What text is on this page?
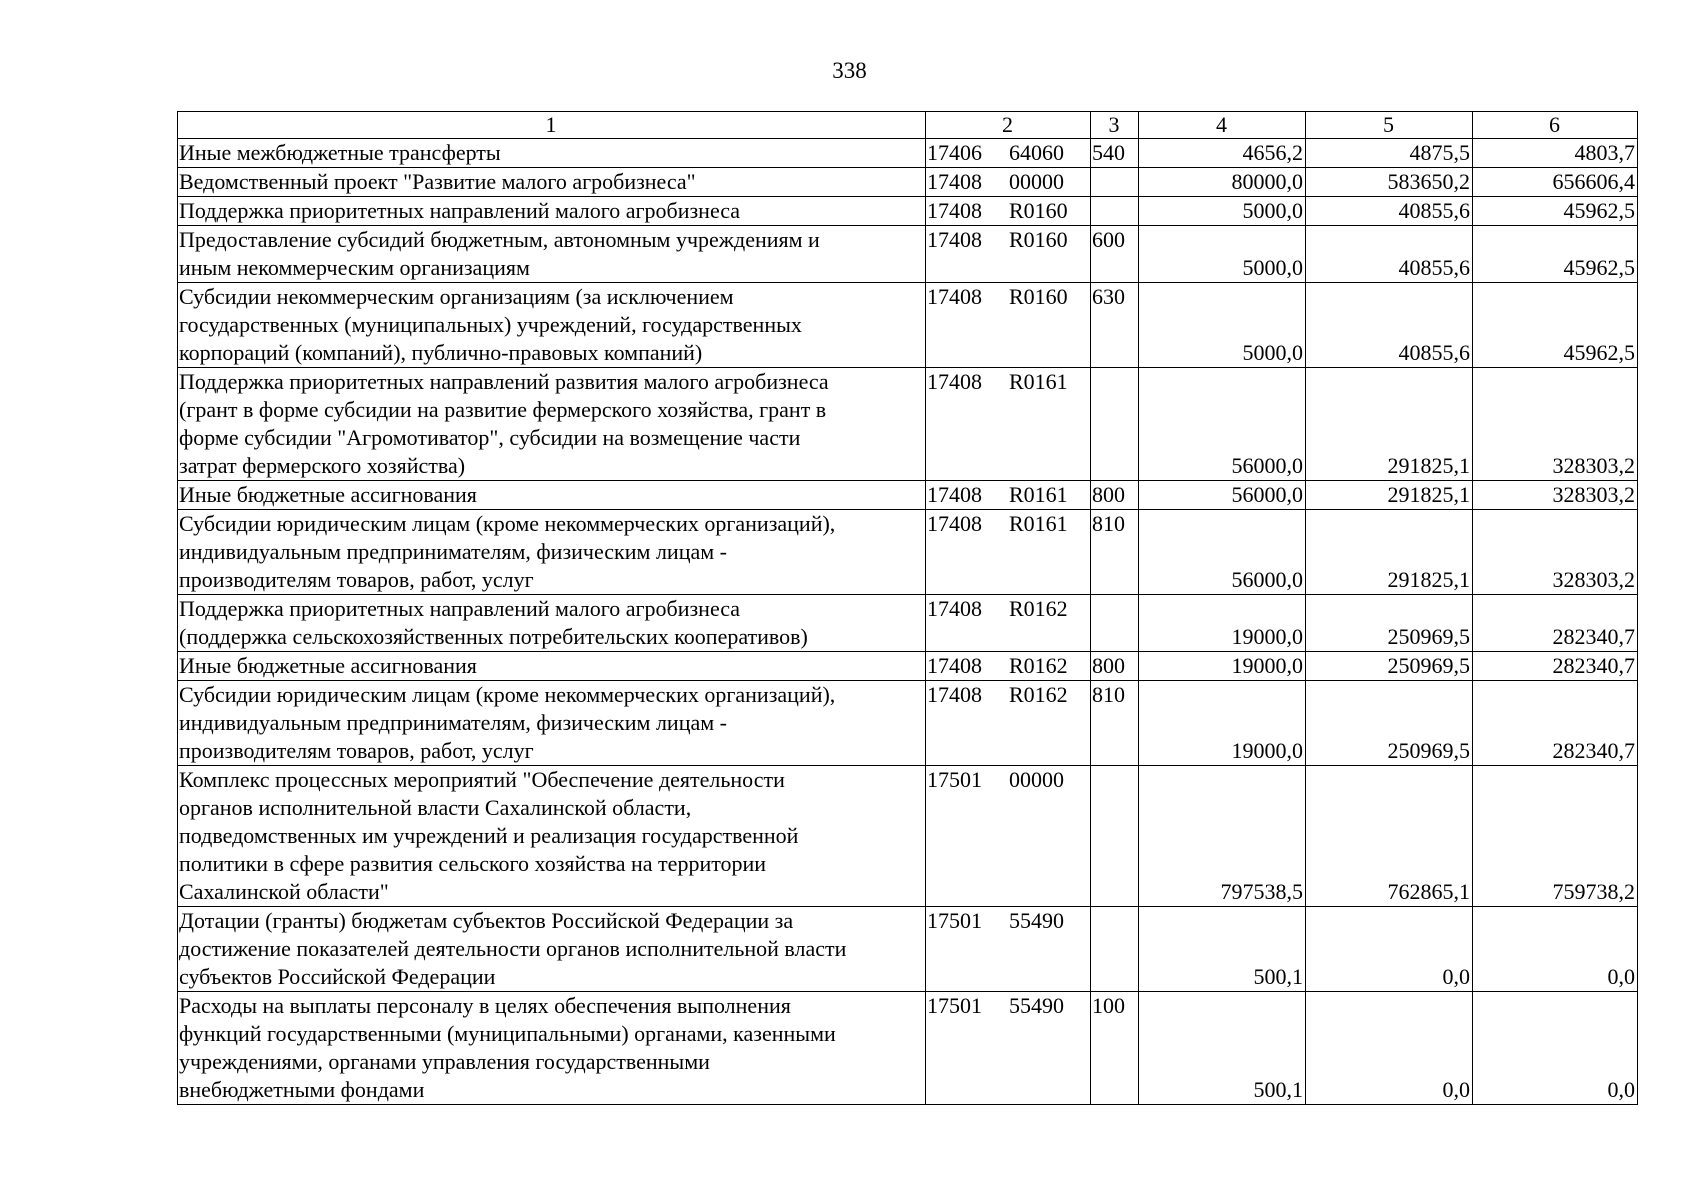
338
1	2	3	4	5	6
Иные межбюджетные трансферты	17406 64060	540	4656,2	4875,5	4803,7
Ведомственный проект "Развитие малого агробизнеса"	17408 00000		80000,0	583650,2	656606,4
Поддержка приоритетных направлений малого агробизнеса	17408 R0160		5000,0	40855,6	45962,5
Предоставление субсидий бюджетным, автономным учреждениям и
иным некоммерческим организациям	17408 R0160	600	5000,0	40855,6	45962,5
Субсидии некоммерческим организациям (за исключением
государственных (муниципальных) учреждений, государственных
корпораций (компаний), публично-правовых компаний)	17408 R0160	630	5000,0	40855,6	45962,5
Поддержка приоритетных направлений развития малого агробизнеса
(грант в форме субсидии на развитие фермерского хозяйства, грант в
форме субсидии "Агромотиватор", субсидии на возмещение части
затрат фермерского хозяйства)	17408 R0161		56000,0	291825,1	328303,2
Иные бюджетные ассигнования	17408 R0161	800	56000,0	291825,1	328303,2
Субсидии юридическим лицам (кроме некоммерческих организаций),
индивидуальным предпринимателям, физическим лицам -
производителям товаров, работ, услуг	17408 R0161	810	56000,0	291825,1	328303,2
Поддержка приоритетных направлений малого агробизнеса
(поддержка сельскохозяйственных потребительских кооперативов)	17408 R0162		19000,0	250969,5	282340,7
Иные бюджетные ассигнования	17408 R0162	800	19000,0	250969,5	282340,7
Субсидии юридическим лицам (кроме некоммерческих организаций),
индивидуальным предпринимателям, физическим лицам -
производителям товаров, работ, услуг	17408 R0162	810	19000,0	250969,5	282340,7
Комплекс процессных мероприятий "Обеспечение деятельности
органов исполнительной власти Сахалинской области,
подведомственных им учреждений и реализация государственной
политики в сфере развития сельского хозяйства на территории
Сахалинской области"	17501 00000		797538,5	762865,1	759738,2
Дотации (гранты) бюджетам субъектов Российской Федерации за
достижение показателей деятельности органов исполнительной власти
субъектов Российской Федерации	17501 55490		500,1	0,0	0,0
Расходы на выплаты персоналу в целях обеспечения выполнения
функций государственными (муниципальными) органами, казенными
учреждениями, органами управления государственными
внебюджетными фондами	17501 55490	100	500,1	0,0	0,0
